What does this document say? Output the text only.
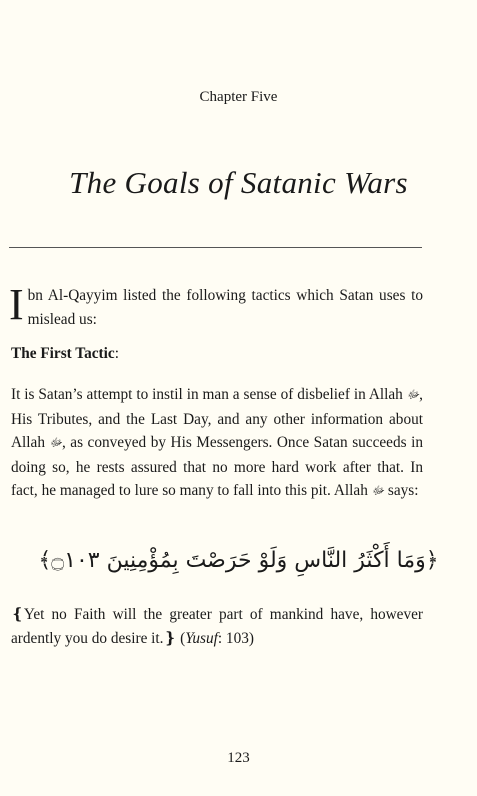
Chapter Five
The Goals of Satanic Wars
Ibn Al-Qayyim listed the following tactics which Satan uses to mislead us:
The First Tactic:
It is Satan’s attempt to instil in man a sense of disbelief in Allah ﷻ, His Tributes, and the Last Day, and any other information about Allah ﷻ, as conveyed by His Messengers. Once Satan succeeds in doing so, he rests assured that no more hard work after that. In fact, he managed to lure so many to fall into this pit. Allah ﷻ says:
﴿وَمَا أَكْثَرُ النَّاسِ وَلَوْ حَرَصْتَ بِمُؤْمِنِينَ ۝١٠٣﴾
❴Yet no Faith will the greater part of mankind have, however ardently you do desire it.❵ (Yusuf: 103)
123
